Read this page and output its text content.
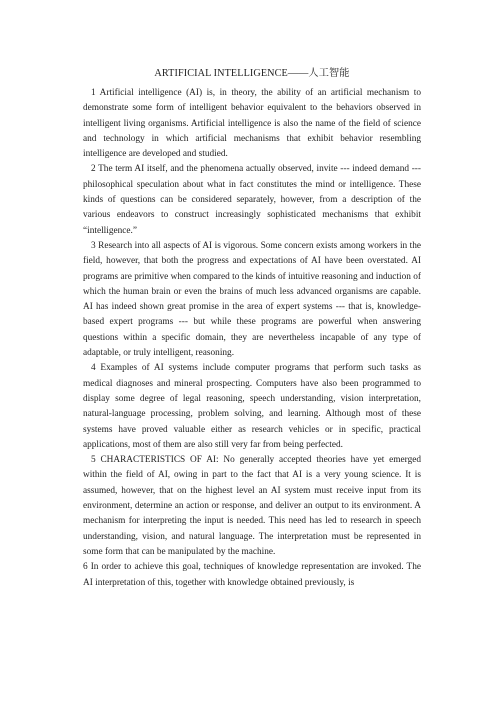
ARTIFICIAL INTELLIGENCE——人工智能

1 Artificial intelligence (AI) is, in theory, the ability of an artificial mechanism to demonstrate some form of intelligent behavior equivalent to the behaviors observed in intelligent living organisms. Artificial intelligence is also the name of the field of science and technology in which artificial mechanisms that exhibit behavior resembling intelligence are developed and studied.

2 The term AI itself, and the phenomena actually observed, invite --- indeed demand --- philosophical speculation about what in fact constitutes the mind or intelligence. These kinds of questions can be considered separately, however, from a description of the various endeavors to construct increasingly sophisticated mechanisms that exhibit “intelligence.”

3 Research into all aspects of AI is vigorous. Some concern exists among workers in the field, however, that both the progress and expectations of AI have been overstated. AI programs are primitive when compared to the kinds of intuitive reasoning and induction of which the human brain or even the brains of much less advanced organisms are capable. AI has indeed shown great promise in the area of expert systems --- that is, knowledge-based expert programs --- but while these programs are powerful when answering questions within a specific domain, they are nevertheless incapable of any type of adaptable, or truly intelligent, reasoning.

4 Examples of AI systems include computer programs that perform such tasks as medical diagnoses and mineral prospecting. Computers have also been programmed to display some degree of legal reasoning, speech understanding, vision interpretation, natural-language processing, problem solving, and learning. Although most of these systems have proved valuable either as research vehicles or in specific, practical applications, most of them are also still very far from being perfected.

5 CHARACTERISTICS OF AI: No generally accepted theories have yet emerged within the field of AI, owing in part to the fact that AI is a very young science. It is assumed, however, that on the highest level an AI system must receive input from its environment, determine an action or response, and deliver an output to its environment. A mechanism for interpreting the input is needed. This need has led to research in speech understanding, vision, and natural language. The interpretation must be represented in some form that can be manipulated by the machine.

6 In order to achieve this goal, techniques of knowledge representation are invoked. The AI interpretation of this, together with knowledge obtained previously, is
